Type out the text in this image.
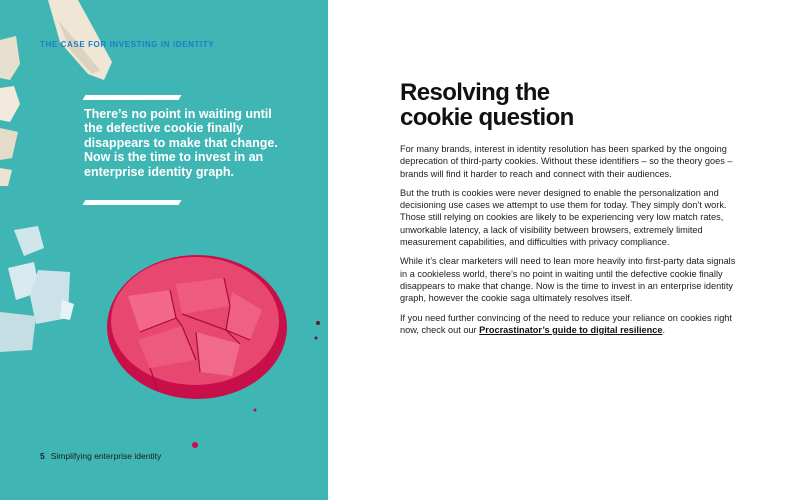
THE CASE FOR INVESTING IN IDENTITY
There’s no point in waiting until the defective cookie finally disappears to make that change. Now is the time to invest in an enterprise identity graph.
5 Simplifying enterprise identity
Resolving the
cookie question

For many brands, interest in identity resolution has been sparked by the ongoing deprecation of third-party cookies. Without these identifiers – so the theory goes – brands will find it harder to reach and connect with their audiences.

But the truth is cookies were never designed to enable the personalization and decisioning use cases we attempt to use them for today. They simply don’t work. Those still relying on cookies are likely to be experiencing very low match rates, unworkable latency, a lack of visibility between browsers, extremely limited measurement capabilities, and difficulties with privacy compliance.

While it’s clear marketers will need to lean more heavily into first-party data signals in a cookieless world, there’s no point in waiting until the defective cookie finally disappears to make that change. Now is the time to invest in an enterprise identity graph, however the cookie saga ultimately resolves itself.

If you need further convincing of the need to reduce your reliance on cookies right now, check out our Procrastinator’s guide to digital resilience.
